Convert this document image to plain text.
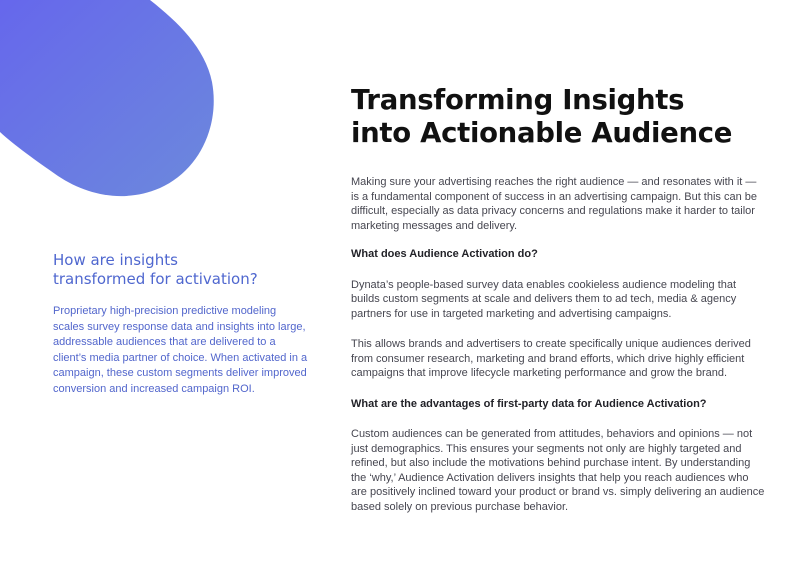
How are insights
transformed for activation?

Proprietary high-precision predictive modeling scales survey response data and insights into large, addressable audiences that are delivered to a client’s media partner of choice. When activated in a campaign, these custom segments deliver improved conversion and increased campaign ROI.

Transforming Insights
into Actionable Audience

Making sure your advertising reaches the right audience — and resonates with it — is a fundamental component of success in an advertising campaign. But this can be difficult, especially as data privacy concerns and regulations make it harder to tailor marketing messages and delivery.

What does Audience Activation do?

Dynata’s people-based survey data enables cookieless audience modeling that builds custom segments at scale and delivers them to ad tech, media & agency partners for use in targeted marketing and advertising campaigns.

This allows brands and advertisers to create specifically unique audiences derived from consumer research, marketing and brand efforts, which drive highly efficient campaigns that improve lifecycle marketing performance and grow the brand.

What are the advantages of first-party data for Audience Activation?

Custom audiences can be generated from attitudes, behaviors and opinions — not just demographics. This ensures your segments not only are highly targeted and refined, but also include the motivations behind purchase intent. By understanding the ‘why,’ Audience Activation delivers insights that help you reach audiences who are positively inclined toward your product or brand vs. simply delivering an audience based solely on previous purchase behavior.
